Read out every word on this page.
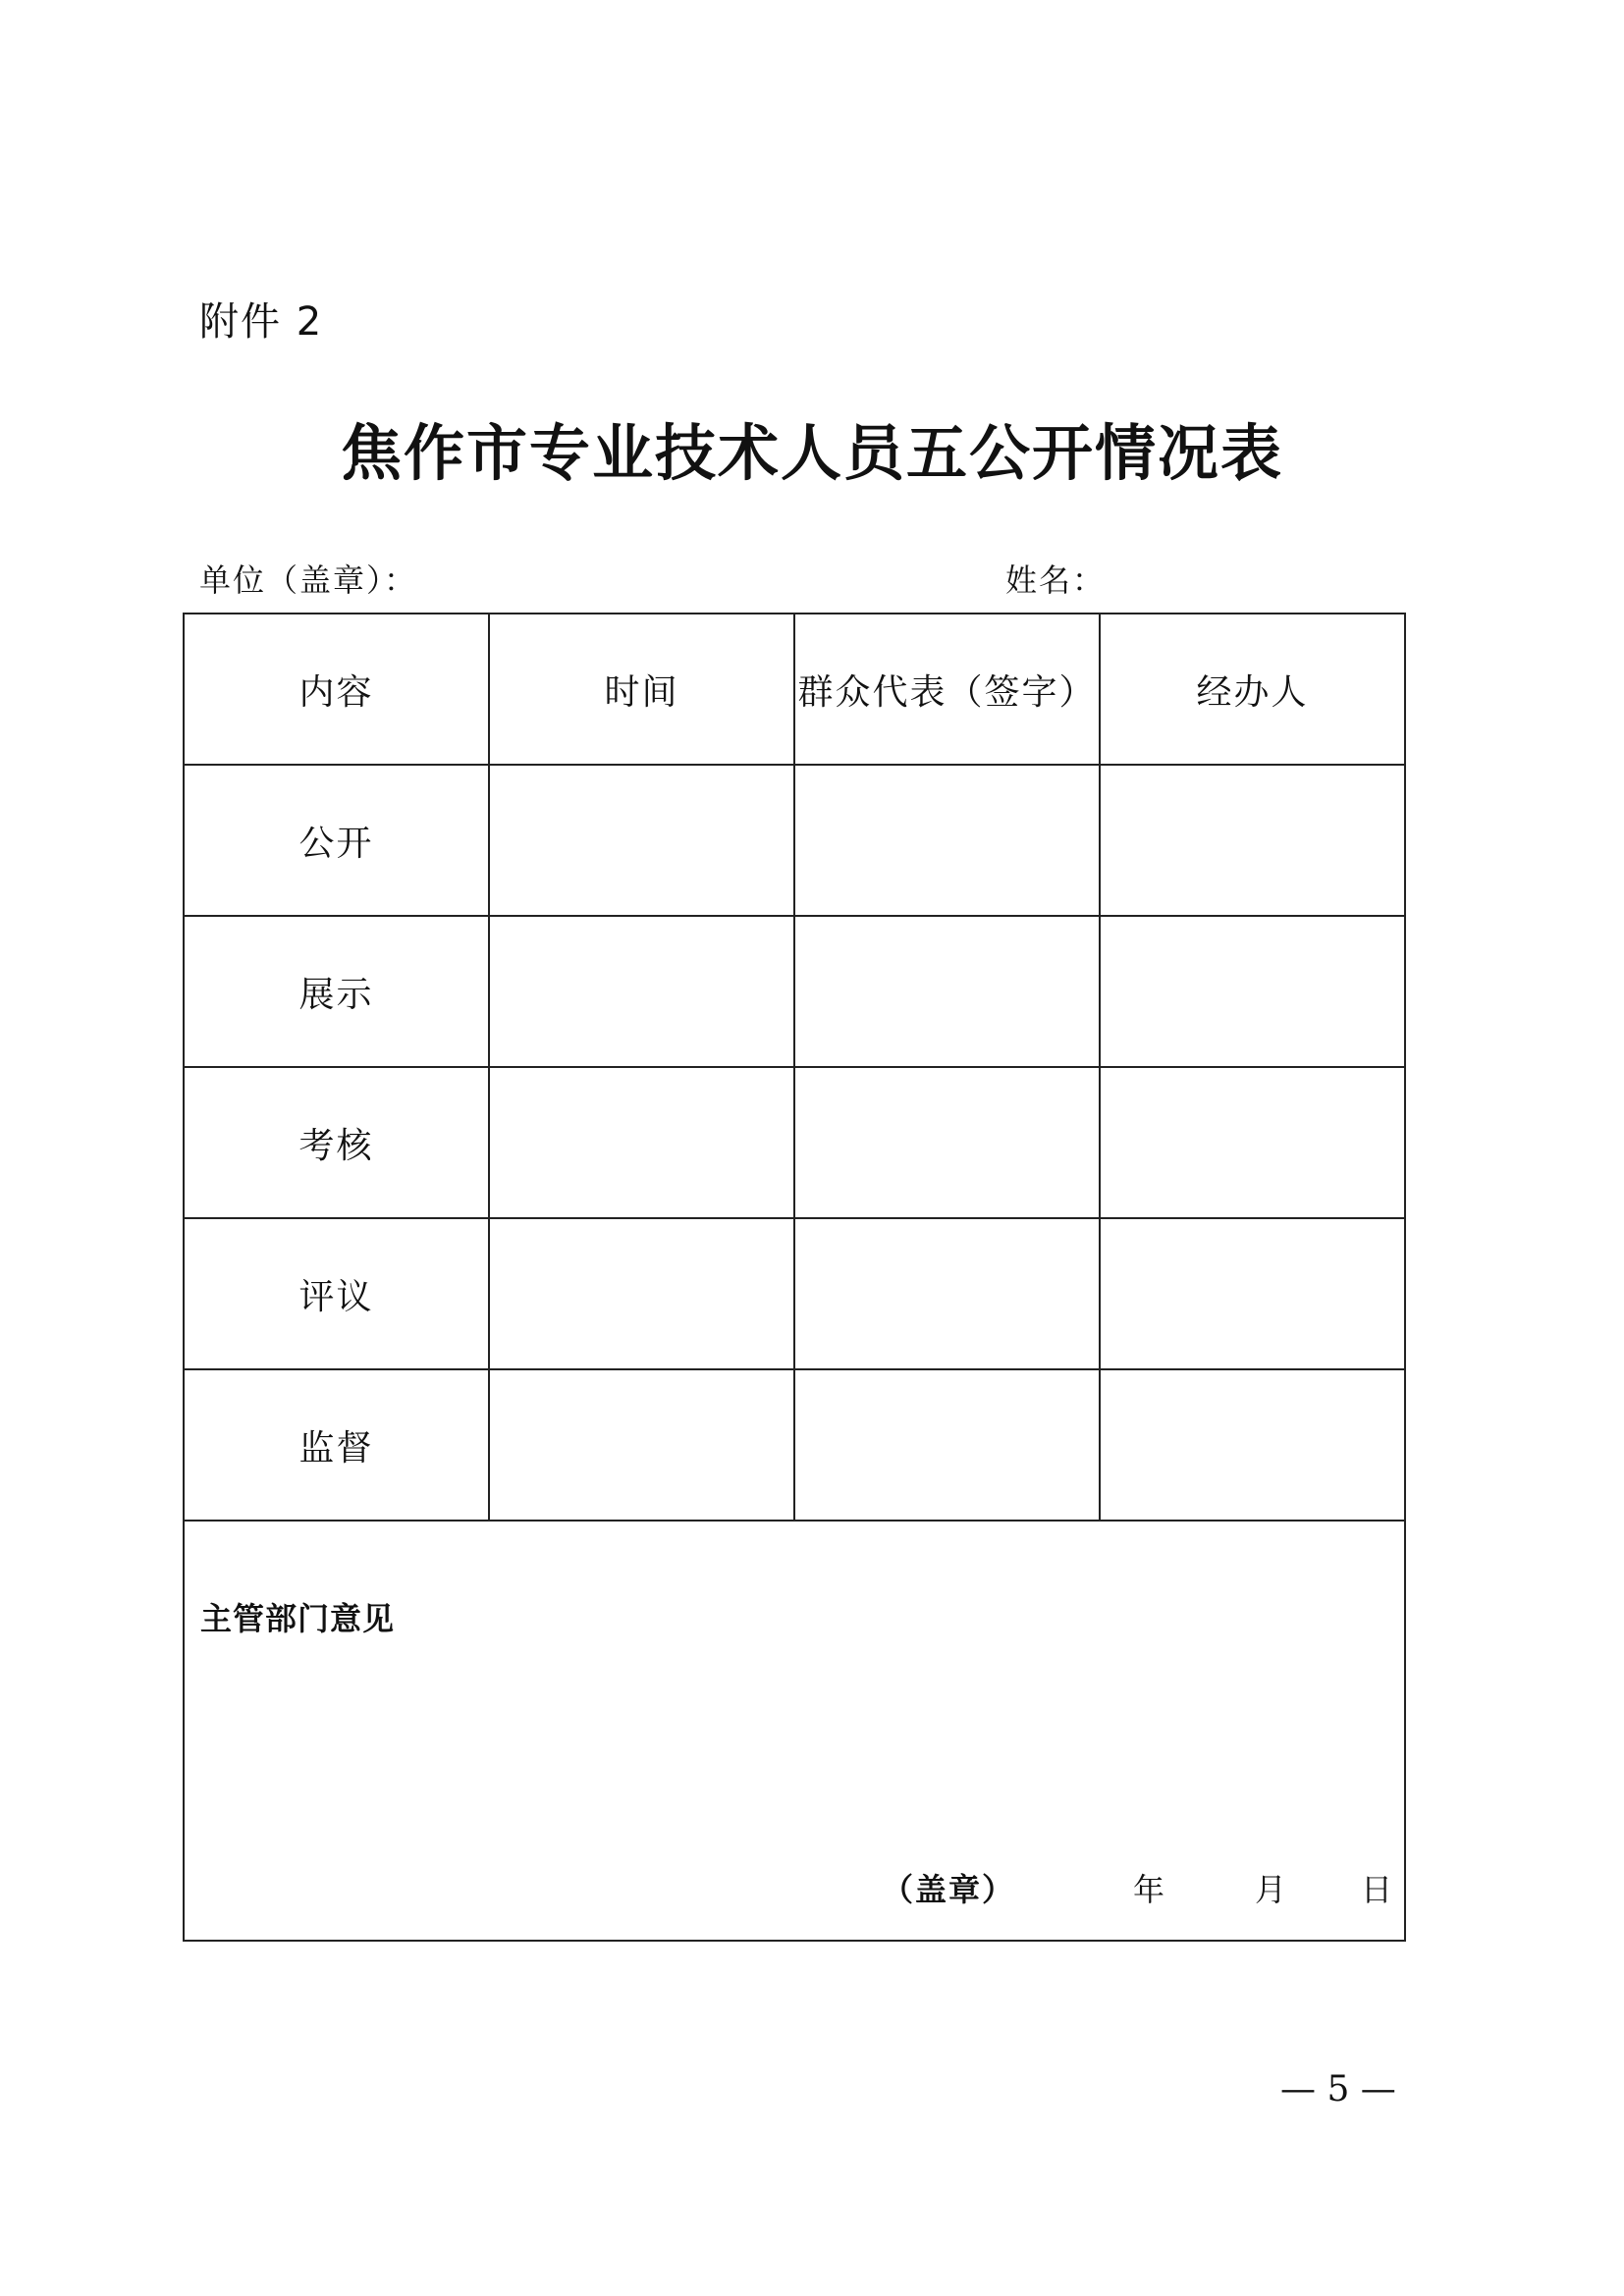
附件 2
焦作市专业技术人员五公开情况表
单位（盖章）：	姓名：
内容	时间	群众代表（签字）	经办人
公开			
展示			
考核			
评议			
监督			

主管部门意见
（盖章） 年 月 日			
— 5 —
